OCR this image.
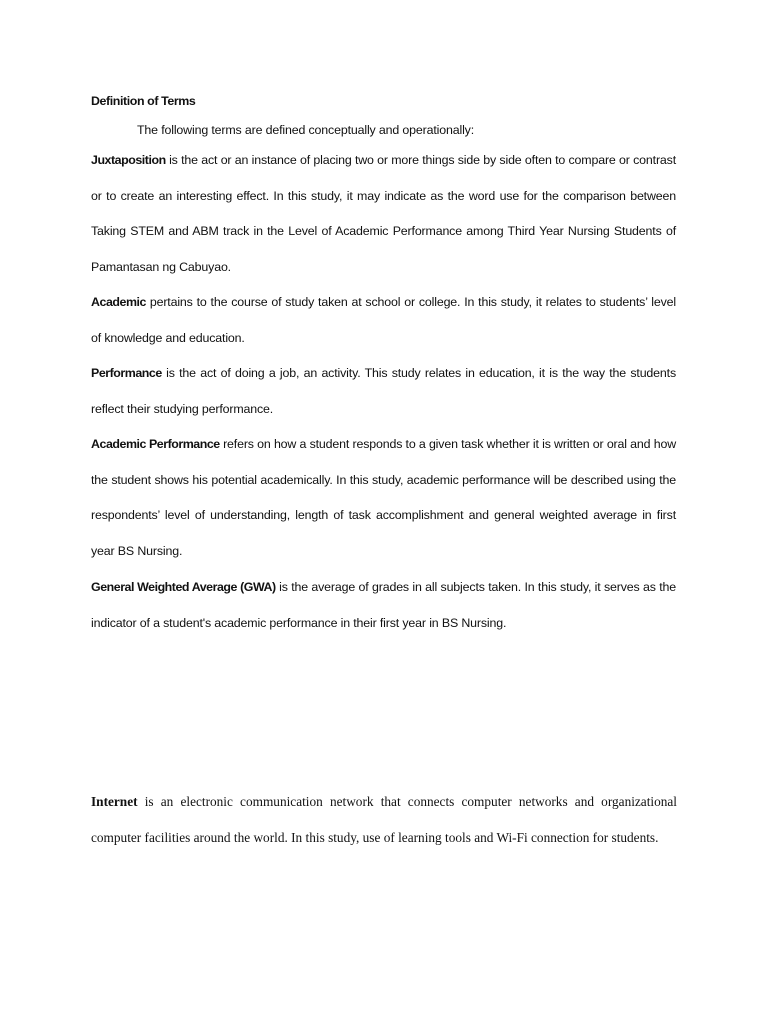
Definition of Terms
The following terms are defined conceptually and operationally:

Juxtaposition is the act or an instance of placing two or more things side by side often to compare or contrast or to create an interesting effect. In this study, it may indicate as the word use for the comparison between Taking STEM and ABM track in the Level of Academic Performance among Third Year Nursing Students of Pamantasan ng Cabuyao.

Academic pertains to the course of study taken at school or college. In this study, it relates to students’ level of knowledge and education.

Performance is the act of doing a job, an activity. This study relates in education, it is the way the students reflect their studying performance.

Academic Performance refers on how a student responds to a given task whether it is written or oral and how the student shows his potential academically. In this study, academic performance will be described using the respondents’ level of understanding, length of task accomplishment and general weighted average in first year BS Nursing.

General Weighted Average (GWA) is the average of grades in all subjects taken. In this study, it serves as the indicator of a student's academic performance in their first year in BS Nursing.

Internet is an electronic communication network that connects computer networks and organizational computer facilities around the world. In this study, use of learning tools and Wi-Fi connection for students.
